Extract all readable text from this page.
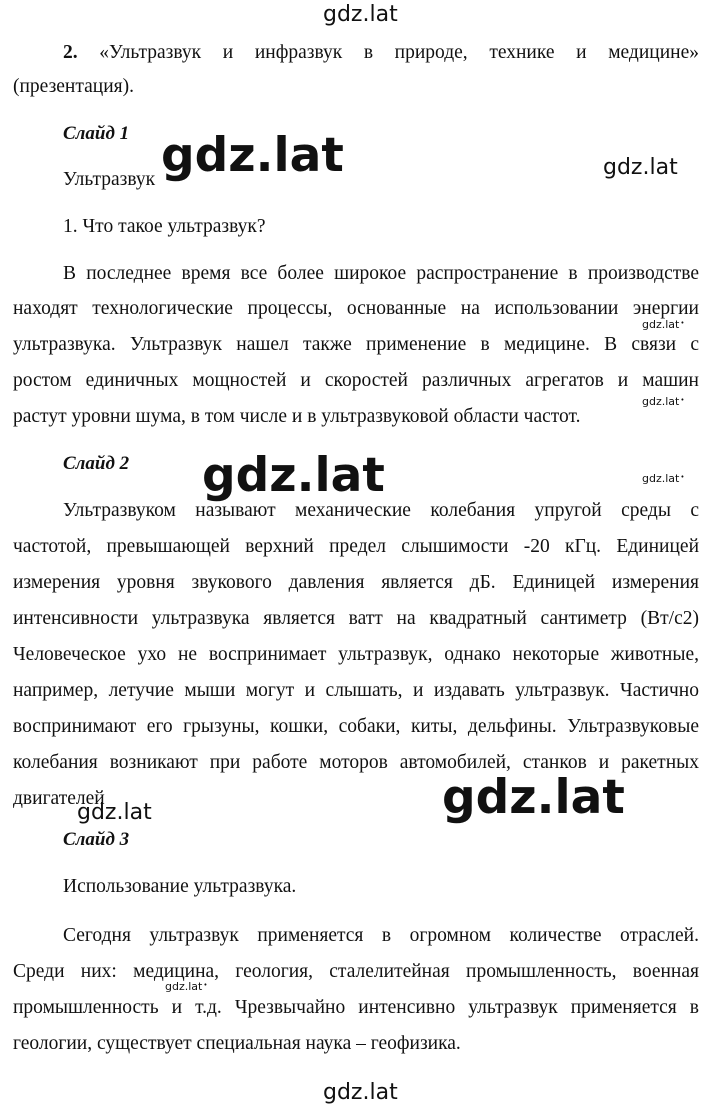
gdz.lat
gdz.lat	gdz.lat
gdz.lat •
gdz.lat •
gdz.lat	gdz.lat •
gdz.lat
gdz.lat
gdz.lat •
gdz.lat
2. «Ультразвук и инфразвук в природе, технике и медицине»
(презентация).
Слайд 1
Ультразвук
1. Что такое ультразвук?
В последнее время все более широкое распространение в производстве
находят технологические процессы, основанные на использовании энергии
ультразвука. Ультразвук нашел также применение в медицине. В связи с
ростом единичных мощностей и скоростей различных агрегатов и машин
растут уровни шума, в том числе и в ультразвуковой области частот.
Слайд 2
Ультразвуком называют механические колебания упругой среды с
частотой, превышающей верхний предел слышимости -20 кГц. Единицей
измерения уровня звукового давления является дБ. Единицей измерения
интенсивности ультразвука является ватт на квадратный сантиметр (Вт/с2)
Человеческое ухо не воспринимает ультразвук, однако некоторые животные,
например, летучие мыши могут и слышать, и издавать ультразвук. Частично
воспринимают его грызуны, кошки, собаки, киты, дельфины. Ультразвуковые
колебания возникают при работе моторов автомобилей, станков и ракетных
двигателей
Слайд 3
Использование ультразвука.
Сегодня ультразвук применяется в огромном количестве отраслей.
Среди них: медицина, геология, сталелитейная промышленность, военная
промышленность и т.д. Чрезвычайно интенсивно ультразвук применяется в
геологии, существует специальная наука – геофизика.
